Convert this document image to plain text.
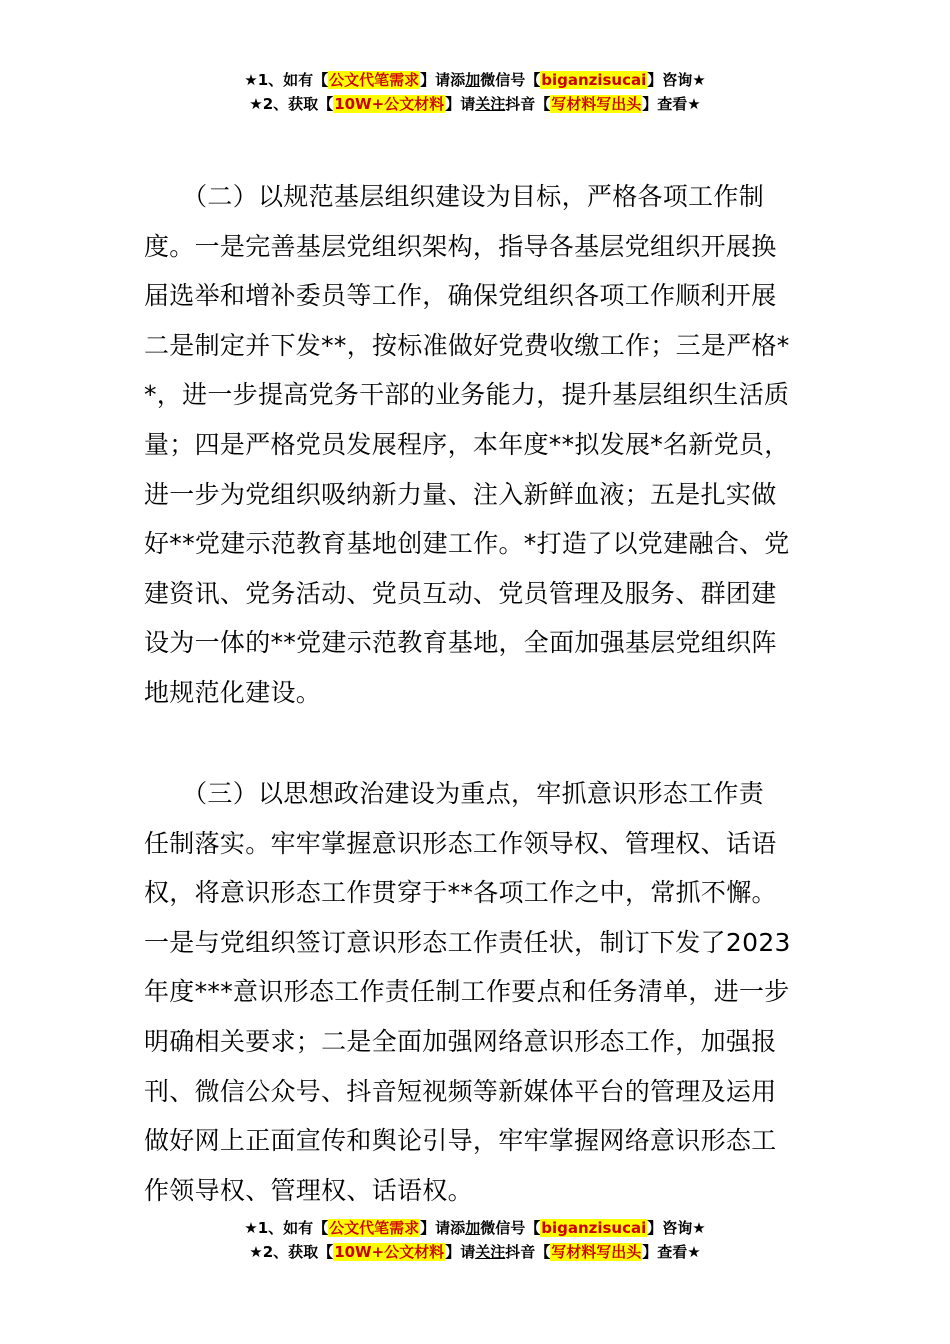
★1、如有【公文代笔需求】请添加微信号【biganzisucai】咨询★
★2、获取【10W+公文材料】请关注抖音【写材料写出头】查看★
　　（二）以规范基层组织建设为目标，严格各项工作制
度。一是完善基层党组织架构，指导各基层党组织开展换
届选举和增补委员等工作，确保党组织各项工作顺利开展
二是制定并下发**，按标准做好党费收缴工作；三是严格*
*，进一步提高党务干部的业务能力，提升基层组织生活质
量；四是严格党员发展程序，本年度**拟发展*名新党员，
进一步为党组织吸纳新力量、注入新鲜血液；五是扎实做
好**党建示范教育基地创建工作。*打造了以党建融合、党
建资讯、党务活动、党员互动、党员管理及服务、群团建
设为一体的**党建示范教育基地，全面加强基层党组织阵
地规范化建设。
　　（三）以思想政治建设为重点，牢抓意识形态工作责
任制落实。牢牢掌握意识形态工作领导权、管理权、话语
权，将意识形态工作贯穿于**各项工作之中，常抓不懈。
一是与党组织签订意识形态工作责任状，制订下发了2023
年度***意识形态工作责任制工作要点和任务清单，进一步
明确相关要求；二是全面加强网络意识形态工作，加强报
刊、微信公众号、抖音短视频等新媒体平台的管理及运用
做好网上正面宣传和舆论引导，牢牢掌握网络意识形态工
作领导权、管理权、话语权。
★1、如有【公文代笔需求】请添加微信号【biganzisucai】咨询★
★2、获取【10W+公文材料】请关注抖音【写材料写出头】查看★
